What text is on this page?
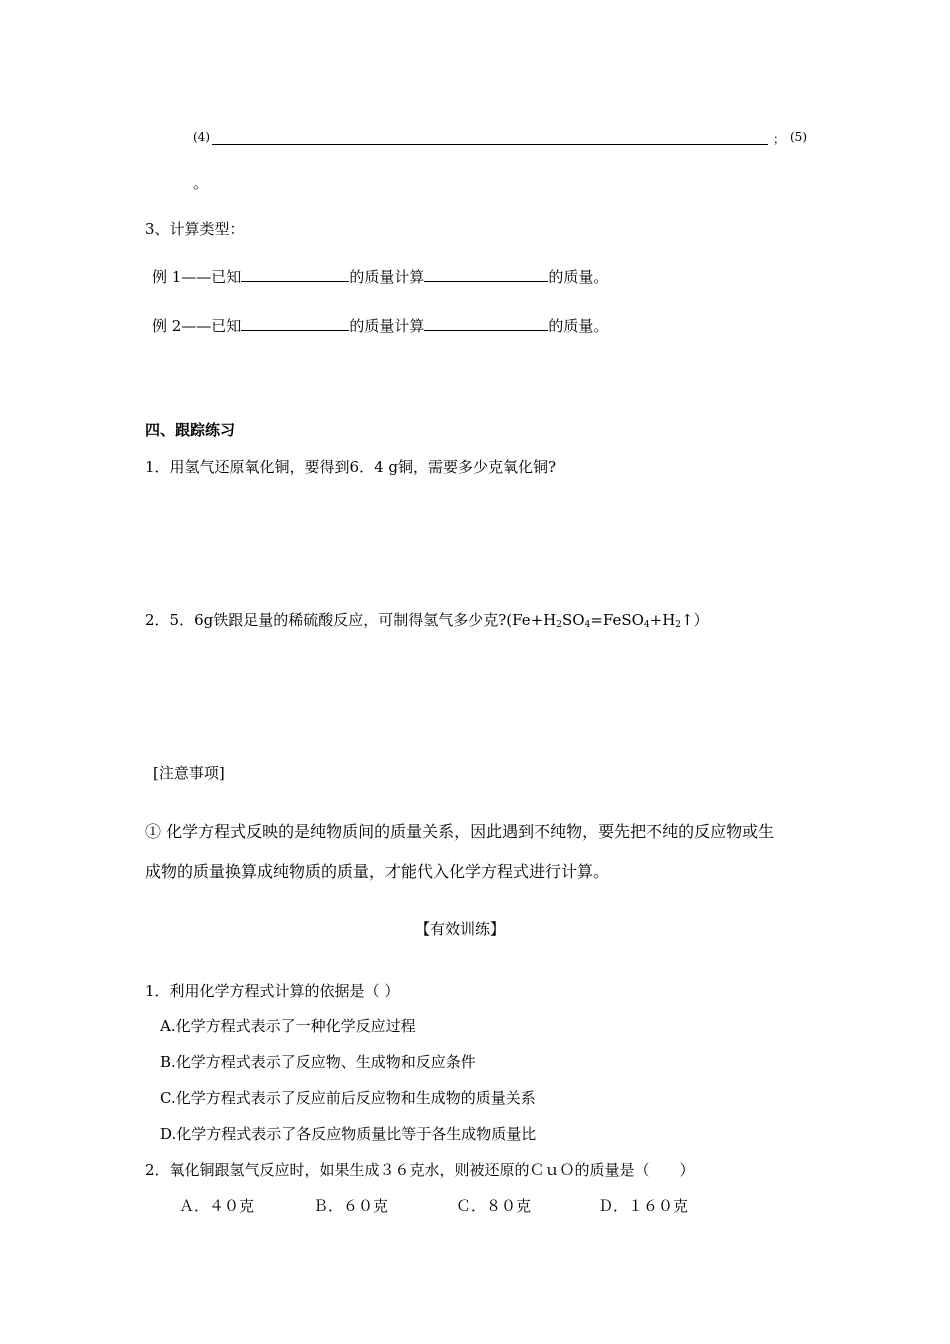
(4)	； (5)
。
3、计算类型：
例 1——已知	的质量计算	的质量。
例 2——已知	的质量计算	的质量。
四、跟踪练习
1．用氢气还原氧化铜，要得到6．4 g铜，需要多少克氧化铜?
2．5．6g铁跟足量的稀硫酸反应，可制得氢气多少克$?(Fe+H_2SO_4=FeSO_4+H_2↑)$
[注意事项]
① 化学方程式反映的是纯物质间的质量关系，因此遇到不纯物，要先把不纯的反应物或生
成物的质量换算成纯物质的质量，才能代入化学方程式进行计算。
【有效训练】
1．利用化学方程式计算的依据是（ ）
A.化学方程式表示了一种化学反应过程
B.化学方程式表示了反应物、生成物和反应条件
C.化学方程式表示了反应前后反应物和生成物的质量关系
D.化学方程式表示了各反应物质量比等于各生成物质量比
2．氧化铜跟氢气反应时，如果生成３６克水，则被还原的ＣｕＯ的质量是（　　）
Ａ．４０克	Ｂ．６０克	Ｃ．８０克	Ｄ．１６０克
